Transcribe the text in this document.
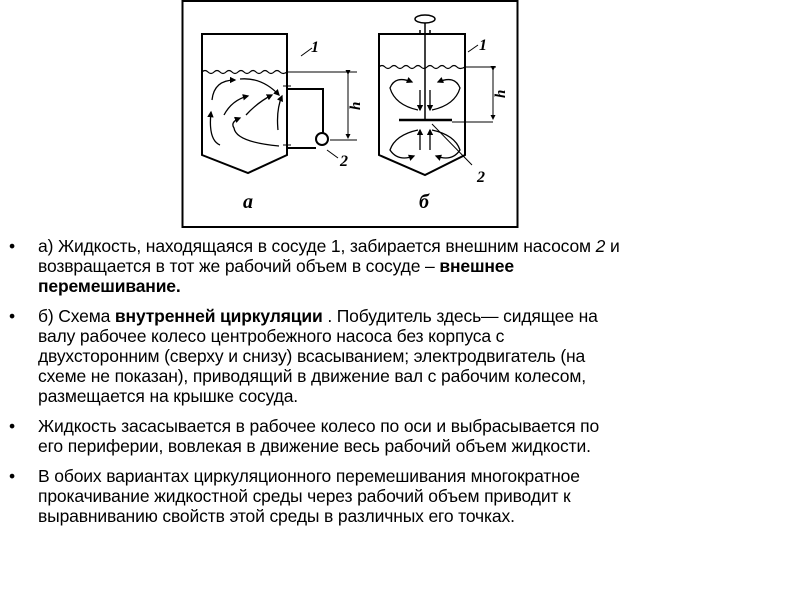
1
2
h
а
1
2
h
б
• а) Жидкость, находящаяся в сосуде 1, забирается внешним насосом 2 и
возвращается в тот же рабочий объем в сосуде – внешнее
перемешивание.
• б) Схема внутренней циркуляции . Побудитель здесь— сидящее на
валу рабочее колесо центробежного насоса без корпуса с
двухсторонним (сверху и снизу) всасыванием; электродвигатель (на
схеме не показан), приводящий в движение вал с рабочим колесом,
размещается на крышке сосуда.
• Жидкость засасывается в рабочее колесо по оси и выбрасывается по
его периферии, вовлекая в движение весь рабочий объем жидкости.
• В обоих вариантах циркуляционного перемешивания многократное
прокачивание жидкостной среды через рабочий объем приводит к
выравниванию свойств этой среды в различных его точках.
